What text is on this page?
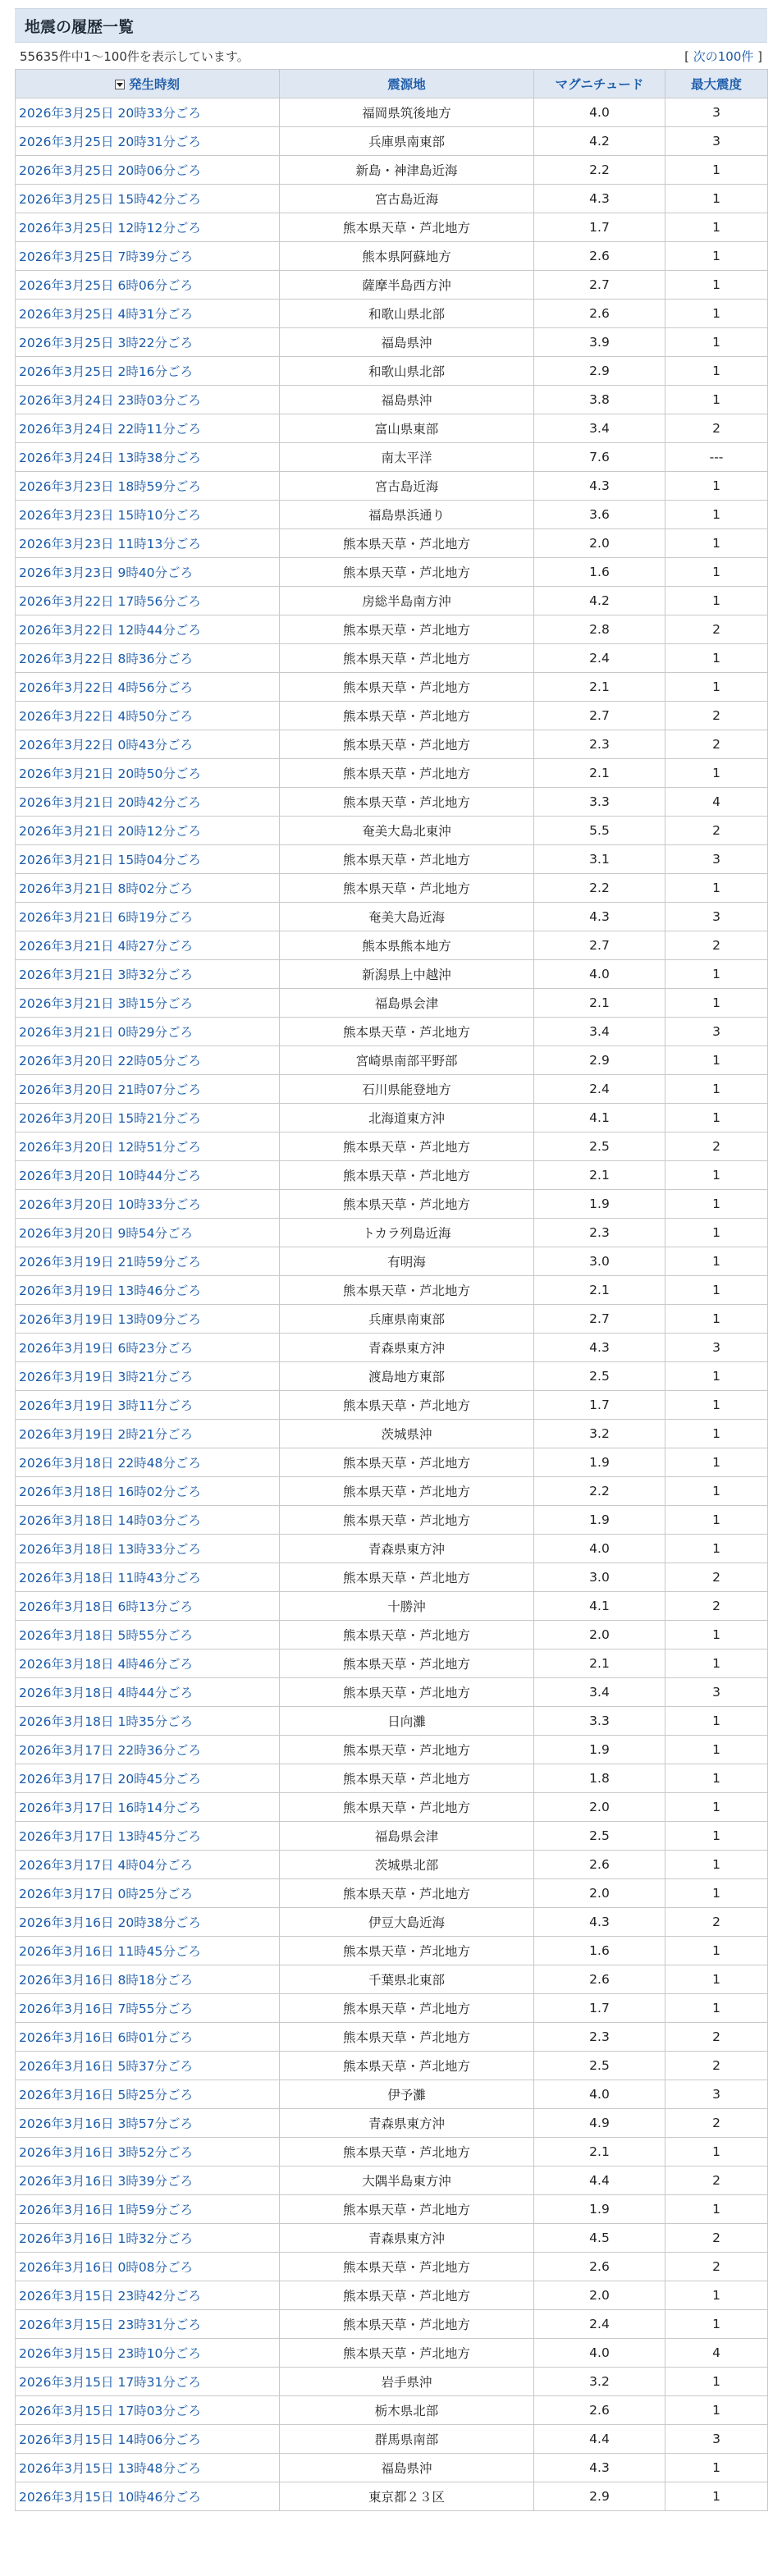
地震の履歴一覧
55635件中1～100件を表示しています。	[ 次の100件 ]
発生時刻	震源地	マグニチュード	最大震度
2026年3月25日 20時33分ごろ	福岡県筑後地方	4.0	3
2026年3月25日 20時31分ごろ	兵庫県南東部	4.2	3
2026年3月25日 20時06分ごろ	新島・神津島近海	2.2	1
2026年3月25日 15時42分ごろ	宮古島近海	4.3	1
2026年3月25日 12時12分ごろ	熊本県天草・芦北地方	1.7	1
2026年3月25日 7時39分ごろ	熊本県阿蘇地方	2.6	1
2026年3月25日 6時06分ごろ	薩摩半島西方沖	2.7	1
2026年3月25日 4時31分ごろ	和歌山県北部	2.6	1
2026年3月25日 3時22分ごろ	福島県沖	3.9	1
2026年3月25日 2時16分ごろ	和歌山県北部	2.9	1
2026年3月24日 23時03分ごろ	福島県沖	3.8	1
2026年3月24日 22時11分ごろ	富山県東部	3.4	2
2026年3月24日 13時38分ごろ	南太平洋	7.6	---
2026年3月23日 18時59分ごろ	宮古島近海	4.3	1
2026年3月23日 15時10分ごろ	福島県浜通り	3.6	1
2026年3月23日 11時13分ごろ	熊本県天草・芦北地方	2.0	1
2026年3月23日 9時40分ごろ	熊本県天草・芦北地方	1.6	1
2026年3月22日 17時56分ごろ	房総半島南方沖	4.2	1
2026年3月22日 12時44分ごろ	熊本県天草・芦北地方	2.8	2
2026年3月22日 8時36分ごろ	熊本県天草・芦北地方	2.4	1
2026年3月22日 4時56分ごろ	熊本県天草・芦北地方	2.1	1
2026年3月22日 4時50分ごろ	熊本県天草・芦北地方	2.7	2
2026年3月22日 0時43分ごろ	熊本県天草・芦北地方	2.3	2
2026年3月21日 20時50分ごろ	熊本県天草・芦北地方	2.1	1
2026年3月21日 20時42分ごろ	熊本県天草・芦北地方	3.3	4
2026年3月21日 20時12分ごろ	奄美大島北東沖	5.5	2
2026年3月21日 15時04分ごろ	熊本県天草・芦北地方	3.1	3
2026年3月21日 8時02分ごろ	熊本県天草・芦北地方	2.2	1
2026年3月21日 6時19分ごろ	奄美大島近海	4.3	3
2026年3月21日 4時27分ごろ	熊本県熊本地方	2.7	2
2026年3月21日 3時32分ごろ	新潟県上中越沖	4.0	1
2026年3月21日 3時15分ごろ	福島県会津	2.1	1
2026年3月21日 0時29分ごろ	熊本県天草・芦北地方	3.4	3
2026年3月20日 22時05分ごろ	宮崎県南部平野部	2.9	1
2026年3月20日 21時07分ごろ	石川県能登地方	2.4	1
2026年3月20日 15時21分ごろ	北海道東方沖	4.1	1
2026年3月20日 12時51分ごろ	熊本県天草・芦北地方	2.5	2
2026年3月20日 10時44分ごろ	熊本県天草・芦北地方	2.1	1
2026年3月20日 10時33分ごろ	熊本県天草・芦北地方	1.9	1
2026年3月20日 9時54分ごろ	トカラ列島近海	2.3	1
2026年3月19日 21時59分ごろ	有明海	3.0	1
2026年3月19日 13時46分ごろ	熊本県天草・芦北地方	2.1	1
2026年3月19日 13時09分ごろ	兵庫県南東部	2.7	1
2026年3月19日 6時23分ごろ	青森県東方沖	4.3	3
2026年3月19日 3時21分ごろ	渡島地方東部	2.5	1
2026年3月19日 3時11分ごろ	熊本県天草・芦北地方	1.7	1
2026年3月19日 2時21分ごろ	茨城県沖	3.2	1
2026年3月18日 22時48分ごろ	熊本県天草・芦北地方	1.9	1
2026年3月18日 16時02分ごろ	熊本県天草・芦北地方	2.2	1
2026年3月18日 14時03分ごろ	熊本県天草・芦北地方	1.9	1
2026年3月18日 13時33分ごろ	青森県東方沖	4.0	1
2026年3月18日 11時43分ごろ	熊本県天草・芦北地方	3.0	2
2026年3月18日 6時13分ごろ	十勝沖	4.1	2
2026年3月18日 5時55分ごろ	熊本県天草・芦北地方	2.0	1
2026年3月18日 4時46分ごろ	熊本県天草・芦北地方	2.1	1
2026年3月18日 4時44分ごろ	熊本県天草・芦北地方	3.4	3
2026年3月18日 1時35分ごろ	日向灘	3.3	1
2026年3月17日 22時36分ごろ	熊本県天草・芦北地方	1.9	1
2026年3月17日 20時45分ごろ	熊本県天草・芦北地方	1.8	1
2026年3月17日 16時14分ごろ	熊本県天草・芦北地方	2.0	1
2026年3月17日 13時45分ごろ	福島県会津	2.5	1
2026年3月17日 4時04分ごろ	茨城県北部	2.6	1
2026年3月17日 0時25分ごろ	熊本県天草・芦北地方	2.0	1
2026年3月16日 20時38分ごろ	伊豆大島近海	4.3	2
2026年3月16日 11時45分ごろ	熊本県天草・芦北地方	1.6	1
2026年3月16日 8時18分ごろ	千葉県北東部	2.6	1
2026年3月16日 7時55分ごろ	熊本県天草・芦北地方	1.7	1
2026年3月16日 6時01分ごろ	熊本県天草・芦北地方	2.3	2
2026年3月16日 5時37分ごろ	熊本県天草・芦北地方	2.5	2
2026年3月16日 5時25分ごろ	伊予灘	4.0	3
2026年3月16日 3時57分ごろ	青森県東方沖	4.9	2
2026年3月16日 3時52分ごろ	熊本県天草・芦北地方	2.1	1
2026年3月16日 3時39分ごろ	大隅半島東方沖	4.4	2
2026年3月16日 1時59分ごろ	熊本県天草・芦北地方	1.9	1
2026年3月16日 1時32分ごろ	青森県東方沖	4.5	2
2026年3月16日 0時08分ごろ	熊本県天草・芦北地方	2.6	2
2026年3月15日 23時42分ごろ	熊本県天草・芦北地方	2.0	1
2026年3月15日 23時31分ごろ	熊本県天草・芦北地方	2.4	1
2026年3月15日 23時10分ごろ	熊本県天草・芦北地方	4.0	4
2026年3月15日 17時31分ごろ	岩手県沖	3.2	1
2026年3月15日 17時03分ごろ	栃木県北部	2.6	1
2026年3月15日 14時06分ごろ	群馬県南部	4.4	3
2026年3月15日 13時48分ごろ	福島県沖	4.3	1
2026年3月15日 10時46分ごろ	東京都２３区	2.9	1
